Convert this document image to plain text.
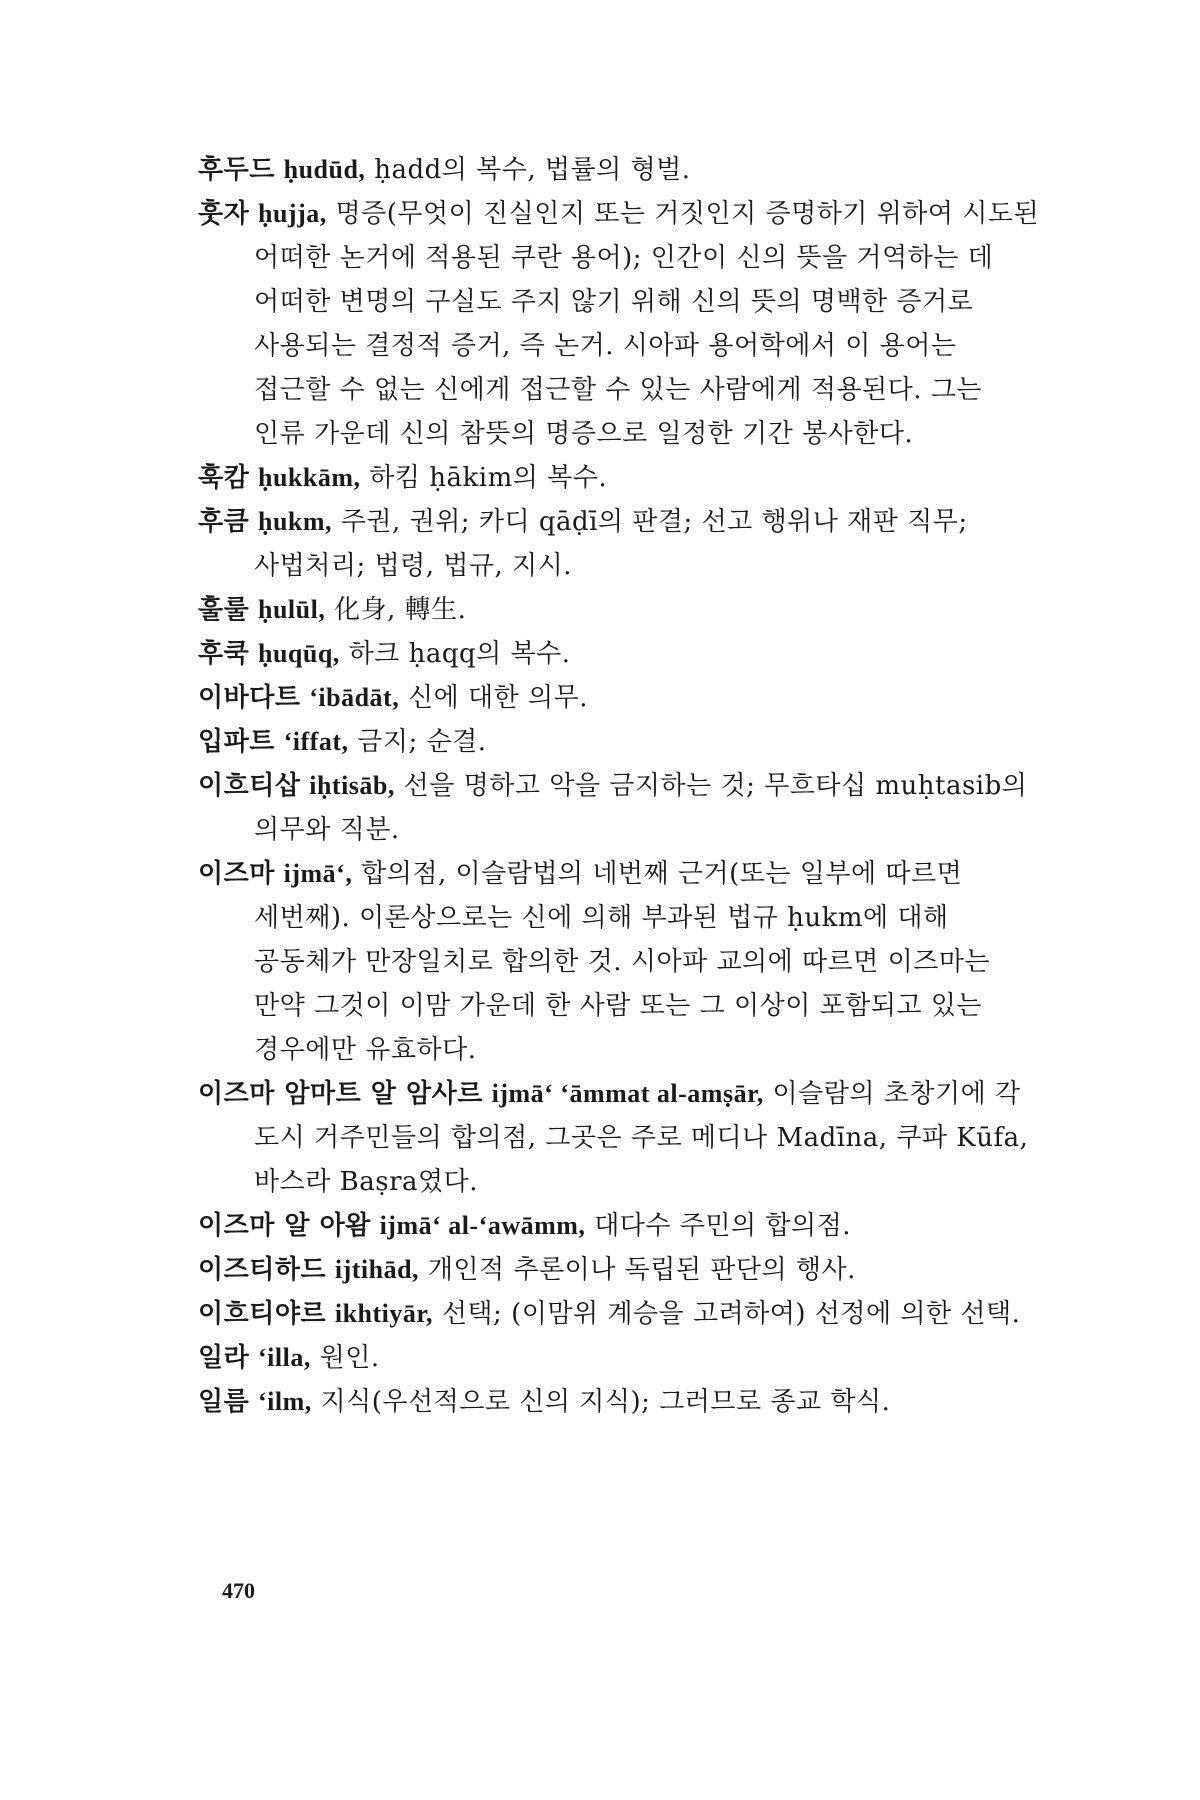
후두드 ḥudūd, ḥadd의 복수, 법률의 형벌.

훗자 ḥujja, 명증(무엇이 진실인지 또는 거짓인지 증명하기 위하여 시도된 어떠한 논거에 적용된 쿠란 용어); 인간이 신의 뜻을 거역하는 데 어떠한 변명의 구실도 주지 않기 위해 신의 뜻의 명백한 증거로 사용되는 결정적 증거, 즉 논거. 시아파 용어학에서 이 용어는 접근할 수 없는 신에게 접근할 수 있는 사람에게 적용된다. 그는 인류 가운데 신의 참뜻의 명증으로 일정한 기간 봉사한다.

훅캄 ḥukkām, 하킴 ḥākim의 복수.

후큼 ḥukm, 주권, 권위; 카디 qāḍī의 판결; 선고 행위나 재판 직무; 사법처리; 법령, 법규, 지시.

훌룰 ḥulūl, 化身, 轉生.

후쿡 ḥuqūq, 하크 ḥaqq의 복수.

이바다트 ‘ibādāt, 신에 대한 의무.

입파트 ‘iffat, 금지; 순결.

이흐티삽 iḥtisāb, 선을 명하고 악을 금지하는 것; 무흐타십 muḥtasib의 의무와 직분.

이즈마 ijmā‘, 합의점, 이슬람법의 네번째 근거(또는 일부에 따르면 세번째). 이론상으로는 신에 의해 부과된 법규 ḥukm에 대해 공동체가 만장일치로 합의한 것. 시아파 교의에 따르면 이즈마는 만약 그것이 이맘 가운데 한 사람 또는 그 이상이 포함되고 있는 경우에만 유효하다.

이즈마 암마트 알 암사르 ijmā‘ ‘āmmat al-amṣār, 이슬람의 초창기에 각 도시 거주민들의 합의점, 그곳은 주로 메디나 Madīna, 쿠파 Kūfa, 바스라 Baṣra였다.

이즈마 알 아왐 ijmā‘ al-‘awāmm, 대다수 주민의 합의점.

이즈티하드 ijtihād, 개인적 추론이나 독립된 판단의 행사.

이흐티야르 ikhtiyār, 선택; (이맘위 계승을 고려하여) 선정에 의한 선택.

일라 ‘illa, 원인.

일름 ‘ilm, 지식(우선적으로 신의 지식); 그러므로 종교 학식.

470
